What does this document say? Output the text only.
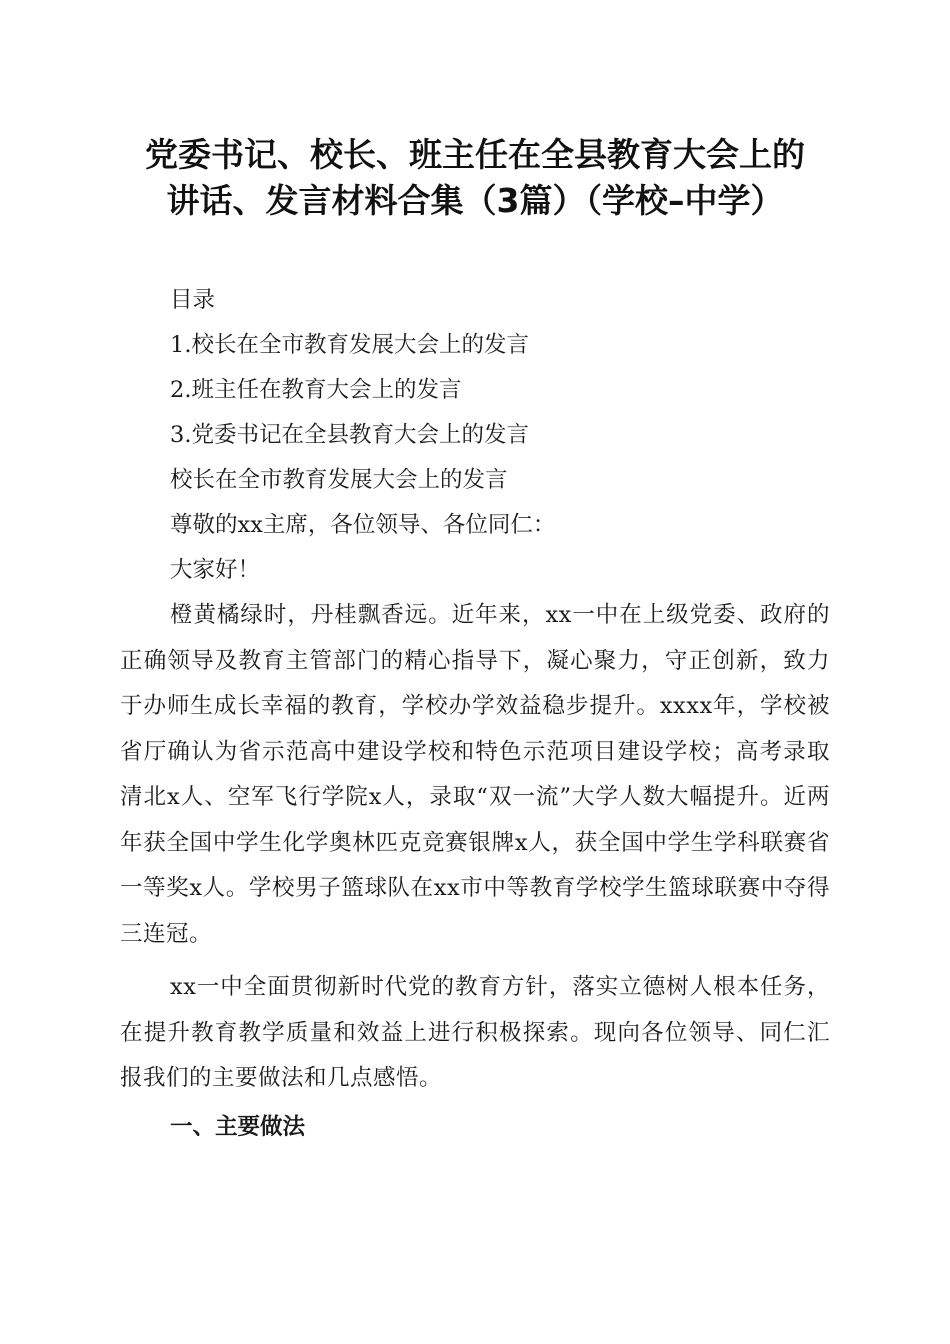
党委书记、校长、班主任在全县教育大会上的
讲话、发言材料合集（3篇）（学校–中学）

目录

1.校长在全市教育发展大会上的发言

2.班主任在教育大会上的发言

3.党委书记在全县教育大会上的发言

校长在全市教育发展大会上的发言

尊敬的xx主席，各位领导、各位同仁：

大家好！

橙黄橘绿时，丹桂飘香远。近年来，xx一中在上级党委、政府的正确领导及教育主管部门的精心指导下，凝心聚力，守正创新，致力于办师生成长幸福的教育，学校办学效益稳步提升。xxxx年，学校被省厅确认为省示范高中建设学校和特色示范项目建设学校；高考录取清北x人、空军飞行学院x人，录取“双一流”大学人数大幅提升。近两年获全国中学生化学奥林匹克竞赛银牌x人，获全国中学生学科联赛省一等奖x人。学校男子篮球队在xx市中等教育学校学生篮球联赛中夺得三连冠。

xx一中全面贯彻新时代党的教育方针，落实立德树人根本任务，在提升教育教学质量和效益上进行积极探索。现向各位领导、同仁汇报我们的主要做法和几点感悟。

一、主要做法
